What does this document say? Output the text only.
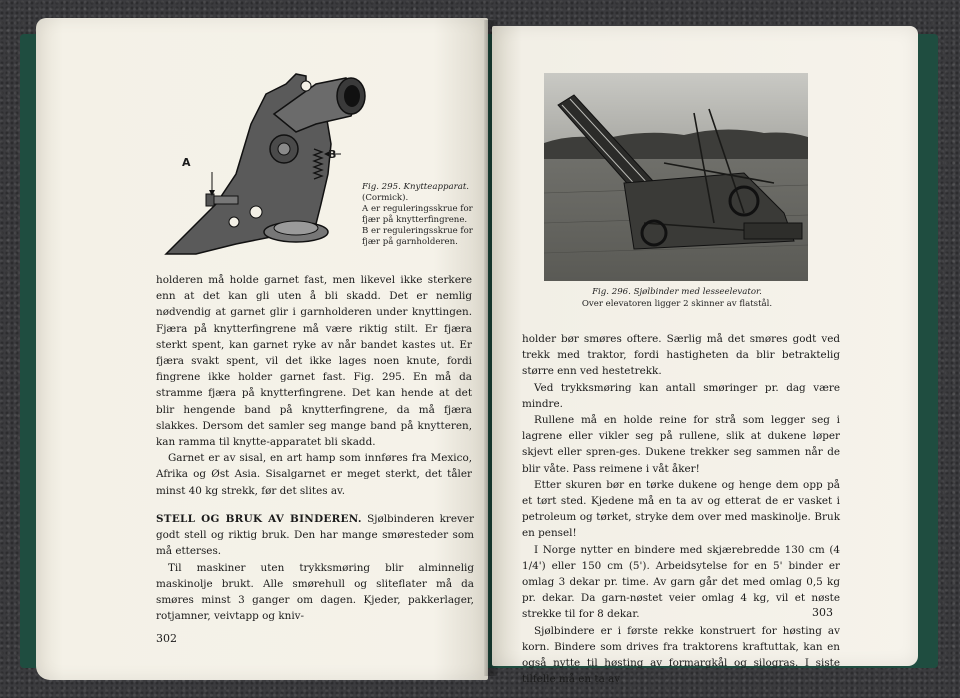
A
B
Fig. 295. Knytteapparat.
(Cormick).
A er reguleringsskrue for fjær på knytterfingrene.
B er reguleringsskrue for fjær på garnholderen.

holderen må holde garnet fast, men likevel ikke sterkere enn at det kan gli uten å bli skadd. Det er nemlig nødvendig at garnet glir i garnholderen under knyttingen. Fjæra på knytterfingrene må være riktig stilt. Er fjæra sterkt spent, kan garnet ryke av når bandet kastes ut. Er fjæra svakt spent, vil det ikke lages noen knute, fordi fingrene ikke holder garnet fast. Fig. 295. En må da stramme fjæra på knytterfingrene. Det kan hende at det blir hengende band på knytterfingrene, da må fjæra slakkes. Dersom det samler seg mange band på knytteren, kan ramma til knytte-apparatet bli skadd.

Garnet er av sisal, en art hamp som innføres fra Mexico, Afrika og Øst Asia. Sisalgarnet er meget sterkt, det tåler minst 40 kg strekk, før det slites av.

STELL OG BRUK AV BINDEREN. Sjølbinderen krever godt stell og riktig bruk. Den har mange smøresteder som må etterses.

Til maskiner uten trykksmøring blir alminnelig maskinolje brukt. Alle smørehull og sliteflater må da smøres minst 3 ganger om dagen. Kjeder, pakkerlager, rotjamner, veivtapp og kniv-

302
Fig. 296. Sjølbinder med lesseelevator.
Over elevatoren ligger 2 skinner av flatstål.

holder bør smøres oftere. Særlig må det smøres godt ved trekk med traktor, fordi hastigheten da blir betraktelig større enn ved hestetrekk.

Ved trykksmøring kan antall smøringer pr. dag være mindre.

Rullene må en holde reine for strå som legger seg i lagrene eller vikler seg på rullene, slik at dukene løper skjevt eller spren-ges. Dukene trekker seg sammen når de blir våte. Pass reimene i våt åker!

Etter skuren bør en tørke dukene og henge dem opp på et tørt sted. Kjedene må en ta av og etterat de er vasket i petroleum og tørket, stryke dem over med maskinolje. Bruk en pensel!

I Norge nytter en bindere med skjærebredde 130 cm (4 1/4') eller 150 cm (5'). Arbeidsytelse for en 5' binder er omlag 3 dekar pr. time. Av garn går det med omlag 0,5 kg pr. dekar. Da garn-nøstet veier omlag 4 kg, vil et nøste strekke til for 8 dekar.

Sjølbindere er i første rekke konstruert for høsting av korn. Bindere som drives fra traktorens kraftuttak, kan en også nytte til høsting av formargkål og silogras. I siste tilfelle må en ta av

303
